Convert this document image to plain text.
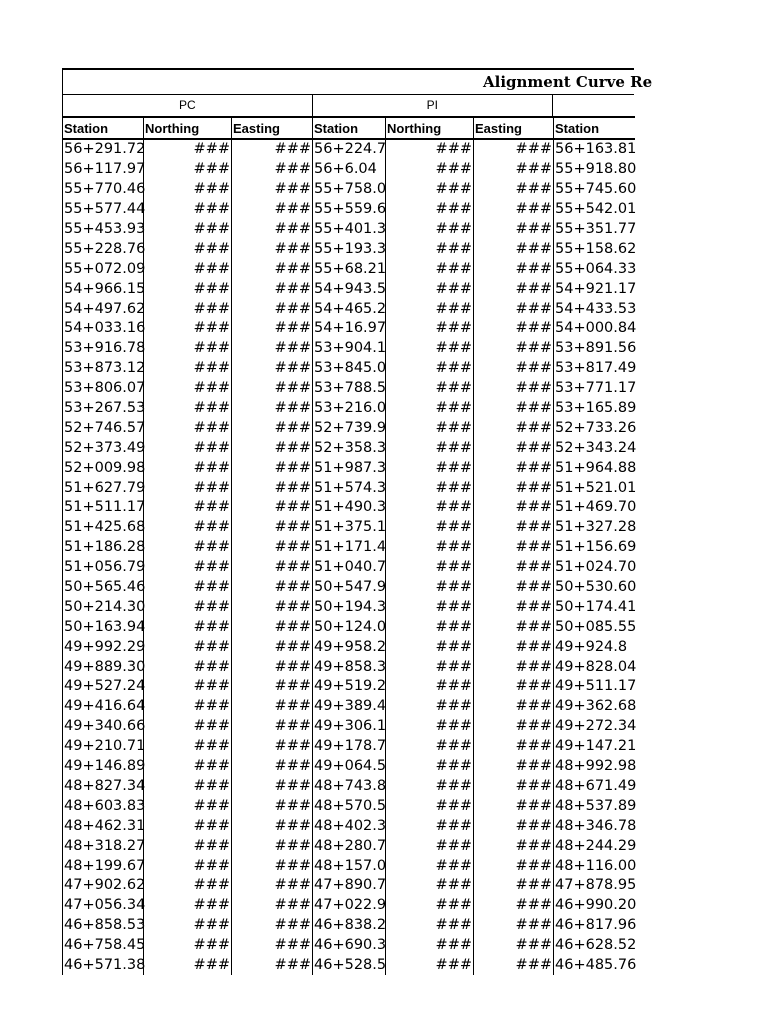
Alignment Curve Re
PC	PI
Station	Northing	Easting	Station	Northing	Easting	Station
56+291.72	###	###	56+224.7	###	###	56+163.81
56+117.97	###	###	56+6.04	###	###	55+918.80
55+770.46	###	###	55+758.0	###	###	55+745.60
55+577.44	###	###	55+559.6	###	###	55+542.01
55+453.93	###	###	55+401.3	###	###	55+351.77
55+228.76	###	###	55+193.3	###	###	55+158.62
55+072.09	###	###	55+68.21	###	###	55+064.33
54+966.15	###	###	54+943.5	###	###	54+921.17
54+497.62	###	###	54+465.2	###	###	54+433.53
54+033.16	###	###	54+16.97	###	###	54+000.84
53+916.78	###	###	53+904.1	###	###	53+891.56
53+873.12	###	###	53+845.0	###	###	53+817.49
53+806.07	###	###	53+788.5	###	###	53+771.17
53+267.53	###	###	53+216.0	###	###	53+165.89
52+746.57	###	###	52+739.9	###	###	52+733.26
52+373.49	###	###	52+358.3	###	###	52+343.24
52+009.98	###	###	51+987.3	###	###	51+964.88
51+627.79	###	###	51+574.3	###	###	51+521.01
51+511.17	###	###	51+490.3	###	###	51+469.70
51+425.68	###	###	51+375.1	###	###	51+327.28
51+186.28	###	###	51+171.4	###	###	51+156.69
51+056.79	###	###	51+040.7	###	###	51+024.70
50+565.46	###	###	50+547.9	###	###	50+530.60
50+214.30	###	###	50+194.3	###	###	50+174.41
50+163.94	###	###	50+124.0	###	###	50+085.55
49+992.29	###	###	49+958.2	###	###	49+924.8
49+889.30	###	###	49+858.3	###	###	49+828.04
49+527.24	###	###	49+519.2	###	###	49+511.17
49+416.64	###	###	49+389.4	###	###	49+362.68
49+340.66	###	###	49+306.1	###	###	49+272.34
49+210.71	###	###	49+178.7	###	###	49+147.21
49+146.89	###	###	49+064.5	###	###	48+992.98
48+827.34	###	###	48+743.8	###	###	48+671.49
48+603.83	###	###	48+570.5	###	###	48+537.89
48+462.31	###	###	48+402.3	###	###	48+346.78
48+318.27	###	###	48+280.7	###	###	48+244.29
48+199.67	###	###	48+157.0	###	###	48+116.00
47+902.62	###	###	47+890.7	###	###	47+878.95
47+056.34	###	###	47+022.9	###	###	46+990.20
46+858.53	###	###	46+838.2	###	###	46+817.96
46+758.45	###	###	46+690.3	###	###	46+628.52
46+571.38	###	###	46+528.5	###	###	46+485.76
